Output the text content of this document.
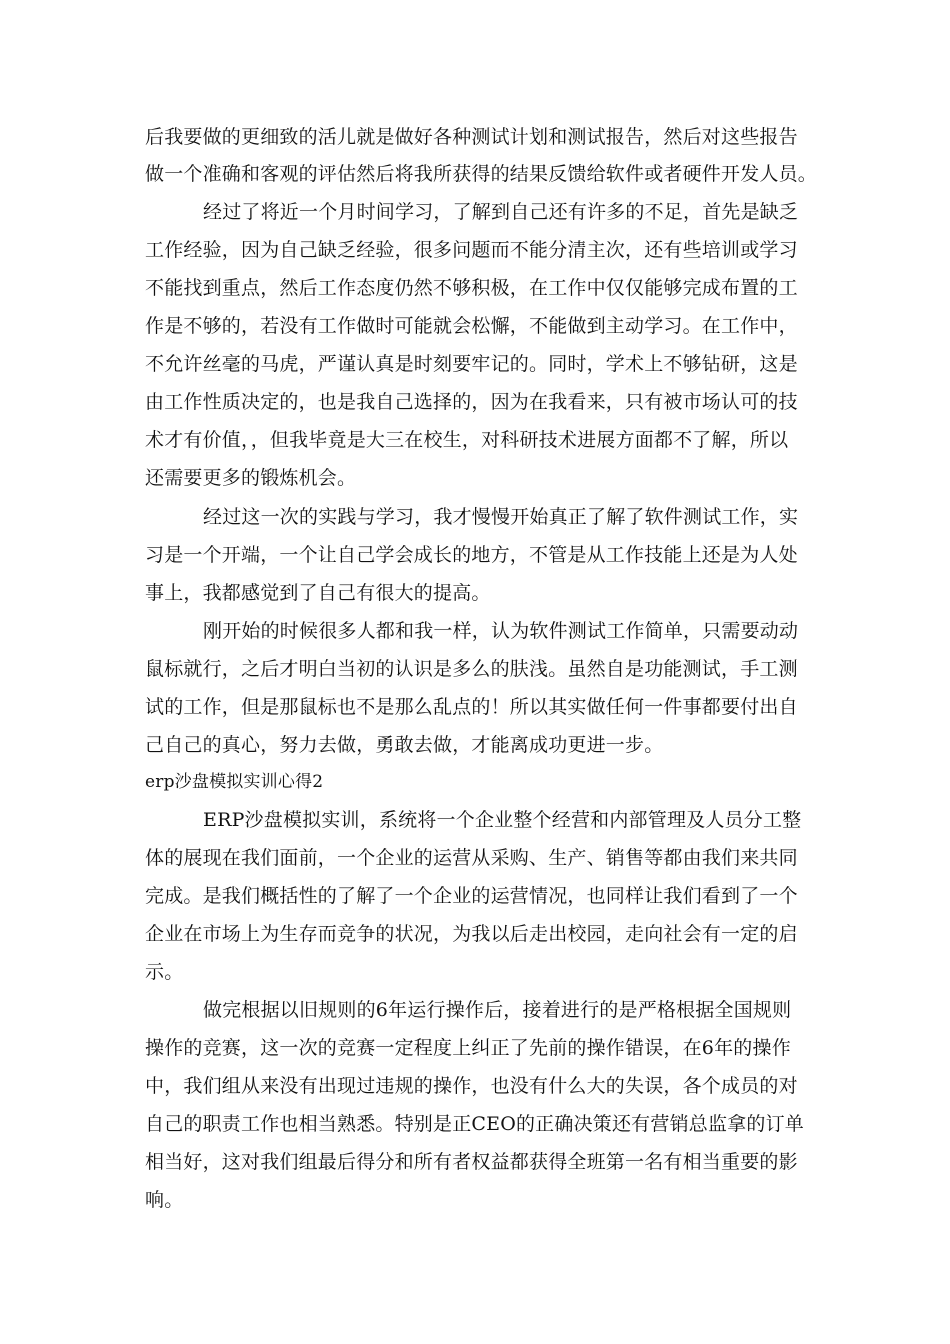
后我要做的更细致的活儿就是做好各种测试计划和测试报告，然后对这些报告
做一个准确和客观的评估然后将我所获得的结果反馈给软件或者硬件开发人员。
经过了将近一个月时间学习，了解到自己还有许多的不足，首先是缺乏
工作经验，因为自己缺乏经验，很多问题而不能分清主次，还有些培训或学习
不能找到重点，然后工作态度仍然不够积极，在工作中仅仅能够完成布置的工
作是不够的，若没有工作做时可能就会松懈，不能做到主动学习。在工作中，
不允许丝毫的马虎，严谨认真是时刻要牢记的。同时，学术上不够钻研，这是
由工作性质决定的，也是我自己选择的，因为在我看来，只有被市场认可的技
术才有价值，，但我毕竟是大三在校生，对科研技术进展方面都不了解，所以
还需要更多的锻炼机会。
经过这一次的实践与学习，我才慢慢开始真正了解了软件测试工作，实
习是一个开端，一个让自己学会成长的地方，不管是从工作技能上还是为人处
事上，我都感觉到了自己有很大的提高。
刚开始的时候很多人都和我一样，认为软件测试工作简单，只需要动动
鼠标就行，之后才明白当初的认识是多么的肤浅。虽然自是功能测试，手工测
试的工作，但是那鼠标也不是那么乱点的！所以其实做任何一件事都要付出自
己自己的真心，努力去做，勇敢去做，才能离成功更进一步。
erp沙盘模拟实训心得2
ERP沙盘模拟实训，系统将一个企业整个经营和内部管理及人员分工整
体的展现在我们面前，一个企业的运营从采购、生产、销售等都由我们来共同
完成。是我们概括性的了解了一个企业的运营情况，也同样让我们看到了一个
企业在市场上为生存而竞争的状况，为我以后走出校园，走向社会有一定的启
示。
做完根据以旧规则的6年运行操作后，接着进行的是严格根据全国规则
操作的竞赛，这一次的竞赛一定程度上纠正了先前的操作错误，在6年的操作
中，我们组从来没有出现过违规的操作，也没有什么大的失误，各个成员的对
自己的职责工作也相当熟悉。特别是正CEO的正确决策还有营销总监拿的订单
相当好，这对我们组最后得分和所有者权益都获得全班第一名有相当重要的影
响。
